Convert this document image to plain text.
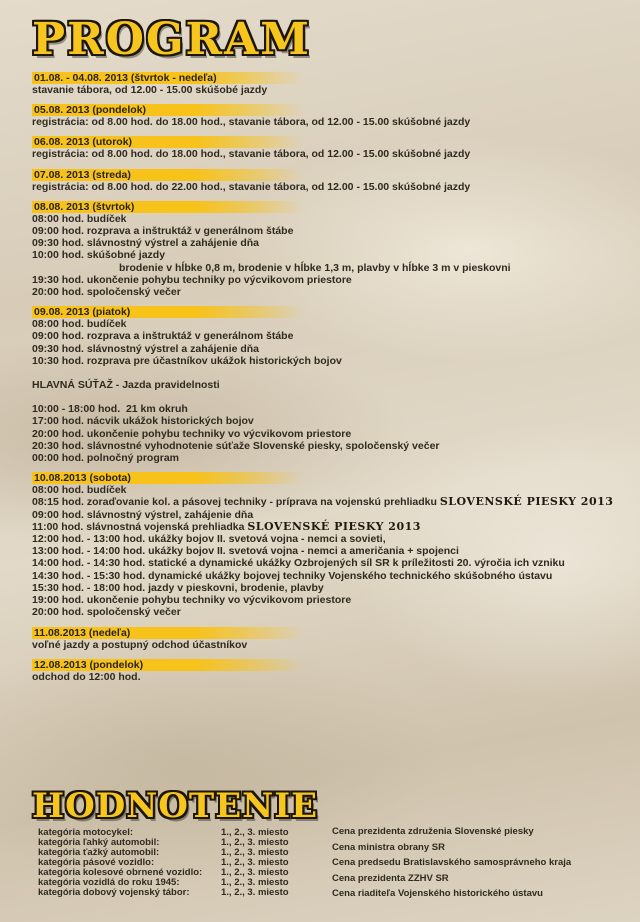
PROGRAM
01.08. - 04.08. 2013 (štvrtok - nedeľa)
stavanie tábora, od 12.00 - 15.00 skúšobé jazdy
05.08. 2013 (pondelok)
registrácia: od 8.00 hod. do 18.00 hod., stavanie tábora, od 12.00 - 15.00 skúšobné jazdy
06.08. 2013 (utorok)
registrácia: od 8.00 hod. do 18.00 hod., stavanie tábora, od 12.00 - 15.00 skúšobné jazdy
07.08. 2013 (streda)
registrácia: od 8.00 hod. do 22.00 hod., stavanie tábora, od 12.00 - 15.00 skúšobné jazdy
08.08. 2013 (štvrtok)
08:00 hod. budíček
09:00 hod. rozprava a inštruktáž v generálnom štábe
09:30 hod. slávnostný výstrel a zahájenie dňa
10:00 hod. skúšobné jazdy
brodenie v hĺbke 0,8 m, brodenie v hĺbke 1,3 m, plavby v hĺbke 3 m v pieskovni
19:30 hod. ukončenie pohybu techniky po výcvikovom priestore
20:00 hod. spoločenský večer
09.08. 2013 (piatok)
08:00 hod. budíček
09:00 hod. rozprava a inštruktáž v generálnom štábe
09:30 hod. slávnostný výstrel a zahájenie dňa
10:30 hod. rozprava pre účastníkov ukážok historických bojov
HLAVNÁ SÚŤAŽ - Jazda pravidelnosti
10:00 - 18:00 hod.  21 km okruh
17:00 hod. nácvik ukážok historických bojov
20:00 hod. ukončenie pohybu techniky vo výcvikovom priestore
20:30 hod. slávnostné vyhodnotenie súťaže Slovenské piesky, spoločenský večer
00:00 hod. polnočný program
10.08.2013 (sobota)
08:00 hod. budíček
08:15 hod. zoraďovanie kol. a pásovej techniky - príprava na vojenskú prehliadku SLOVENSKÉ PIESKY 2013
09:00 hod. slávnostný výstrel, zahájenie dňa
11:00 hod. slávnostná vojenská prehliadka SLOVENSKÉ PIESKY 2013
12:00 hod. - 13:00 hod. ukážky bojov II. svetová vojna - nemci a sovieti,
13:00 hod. - 14:00 hod. ukážky bojov II. svetová vojna - nemci a američania + spojenci
14:00 hod. - 14:30 hod. statické a dynamické ukážky Ozbrojených síl SR k príležitosti 20. výročia ich vzniku
14:30 hod. - 15:30 hod. dynamické ukážky bojovej techniky Vojenského technického skúšobného ústavu
15:30 hod. - 18:00 hod. jazdy v pieskovni, brodenie, plavby
19:00 hod. ukončenie pohybu techniky vo výcvikovom priestore
20:00 hod. spoločenský večer
11.08.2013 (nedeľa)
voľné jazdy a postupný odchod účastníkov
12.08.2013 (pondelok)
odchod do 12:00 hod.
HODNOTENIE
kategória motocykel:	1., 2., 3. miesto
kategória ľahký automobil:	1., 2., 3. miesto
kategória ťažký automobil:	1., 2., 3. miesto
kategória pásové vozidlo:	1., 2., 3. miesto
kategória kolesové obrnené vozidlo: 1., 2., 3. miesto
kategória vozidlá do roku 1945:	1., 2., 3. miesto
kategória dobový vojenský tábor:	1., 2., 3. miesto
Cena prezidenta združenia Slovenské piesky
Cena ministra obrany SR
Cena predsedu Bratislavského samosprávneho kraja
Cena prezidenta ZZHV SR
Cena riaditeľa Vojenského historického ústavu
